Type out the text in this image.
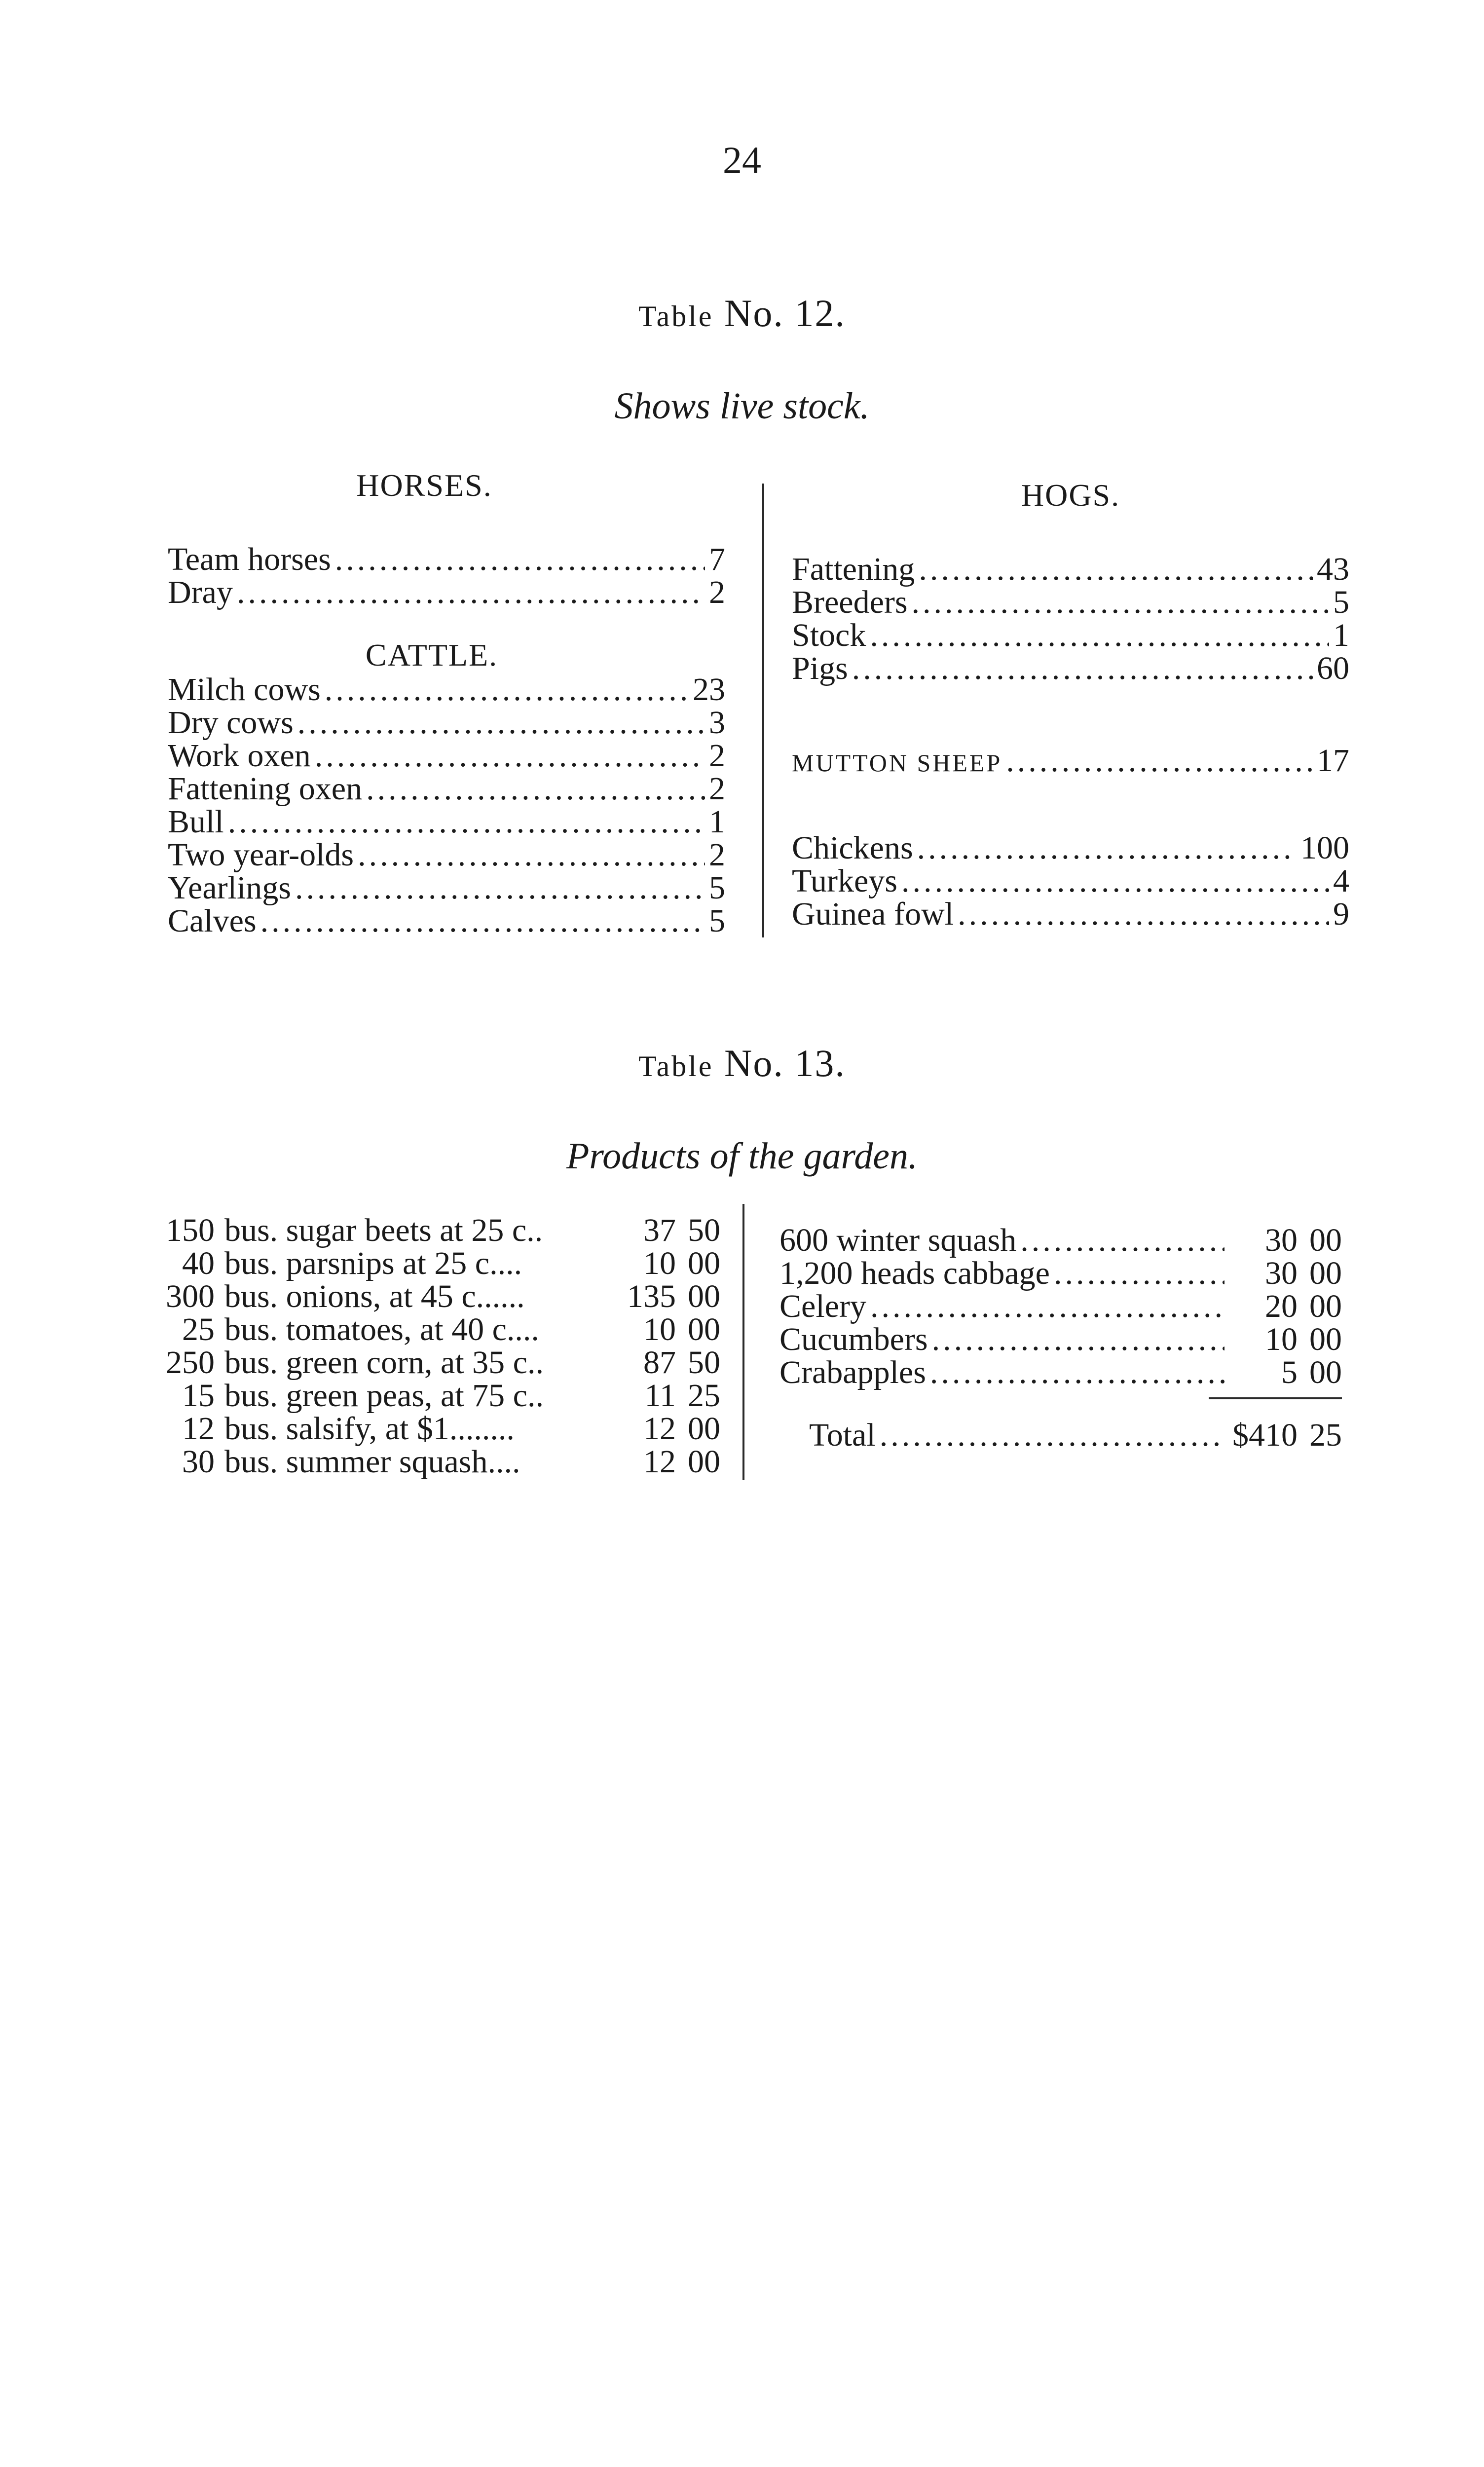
24
Table No. 12.
Shows live stock.
HORSES.
Team horses .....	7
Dray .....	2
CATTLE.
Milch cows .....	23
Dry cows .....	3
Work oxen .....	2
Fattening oxen .....	2
Bull .....	1
Two year-olds .....	2
Yearlings .....	5
Calves .....	5
HOGS.
Fattening .....	43
Breeders .....	5
Stock .....	1
Pigs .....	60
MUTTON SHEEP .....	17
Chickens .....	100
Turkeys .....	4
Guinea fowl .....	9
Table No. 13.
Products of the garden.
150 bus. sugar beets at 25 c..	37 50
40 bus. parsnips at 25 c....	10 00
300 bus. onions, at 45 c......	135 00
25 bus. tomatoes, at 40 c....	10 00
250 bus. green corn, at 35 c..	87 50
15 bus. green peas, at 75 c..	11 25
12 bus. salsify, at $1........	12 00
30 bus. summer squash....	12 00
600 winter squash .....	30 00
1,200 heads cabbage .....	30 00
Celery .....	20 00
Cucumbers .....	10 00
Crabapples .....	5 00
Total .....	$410 25
